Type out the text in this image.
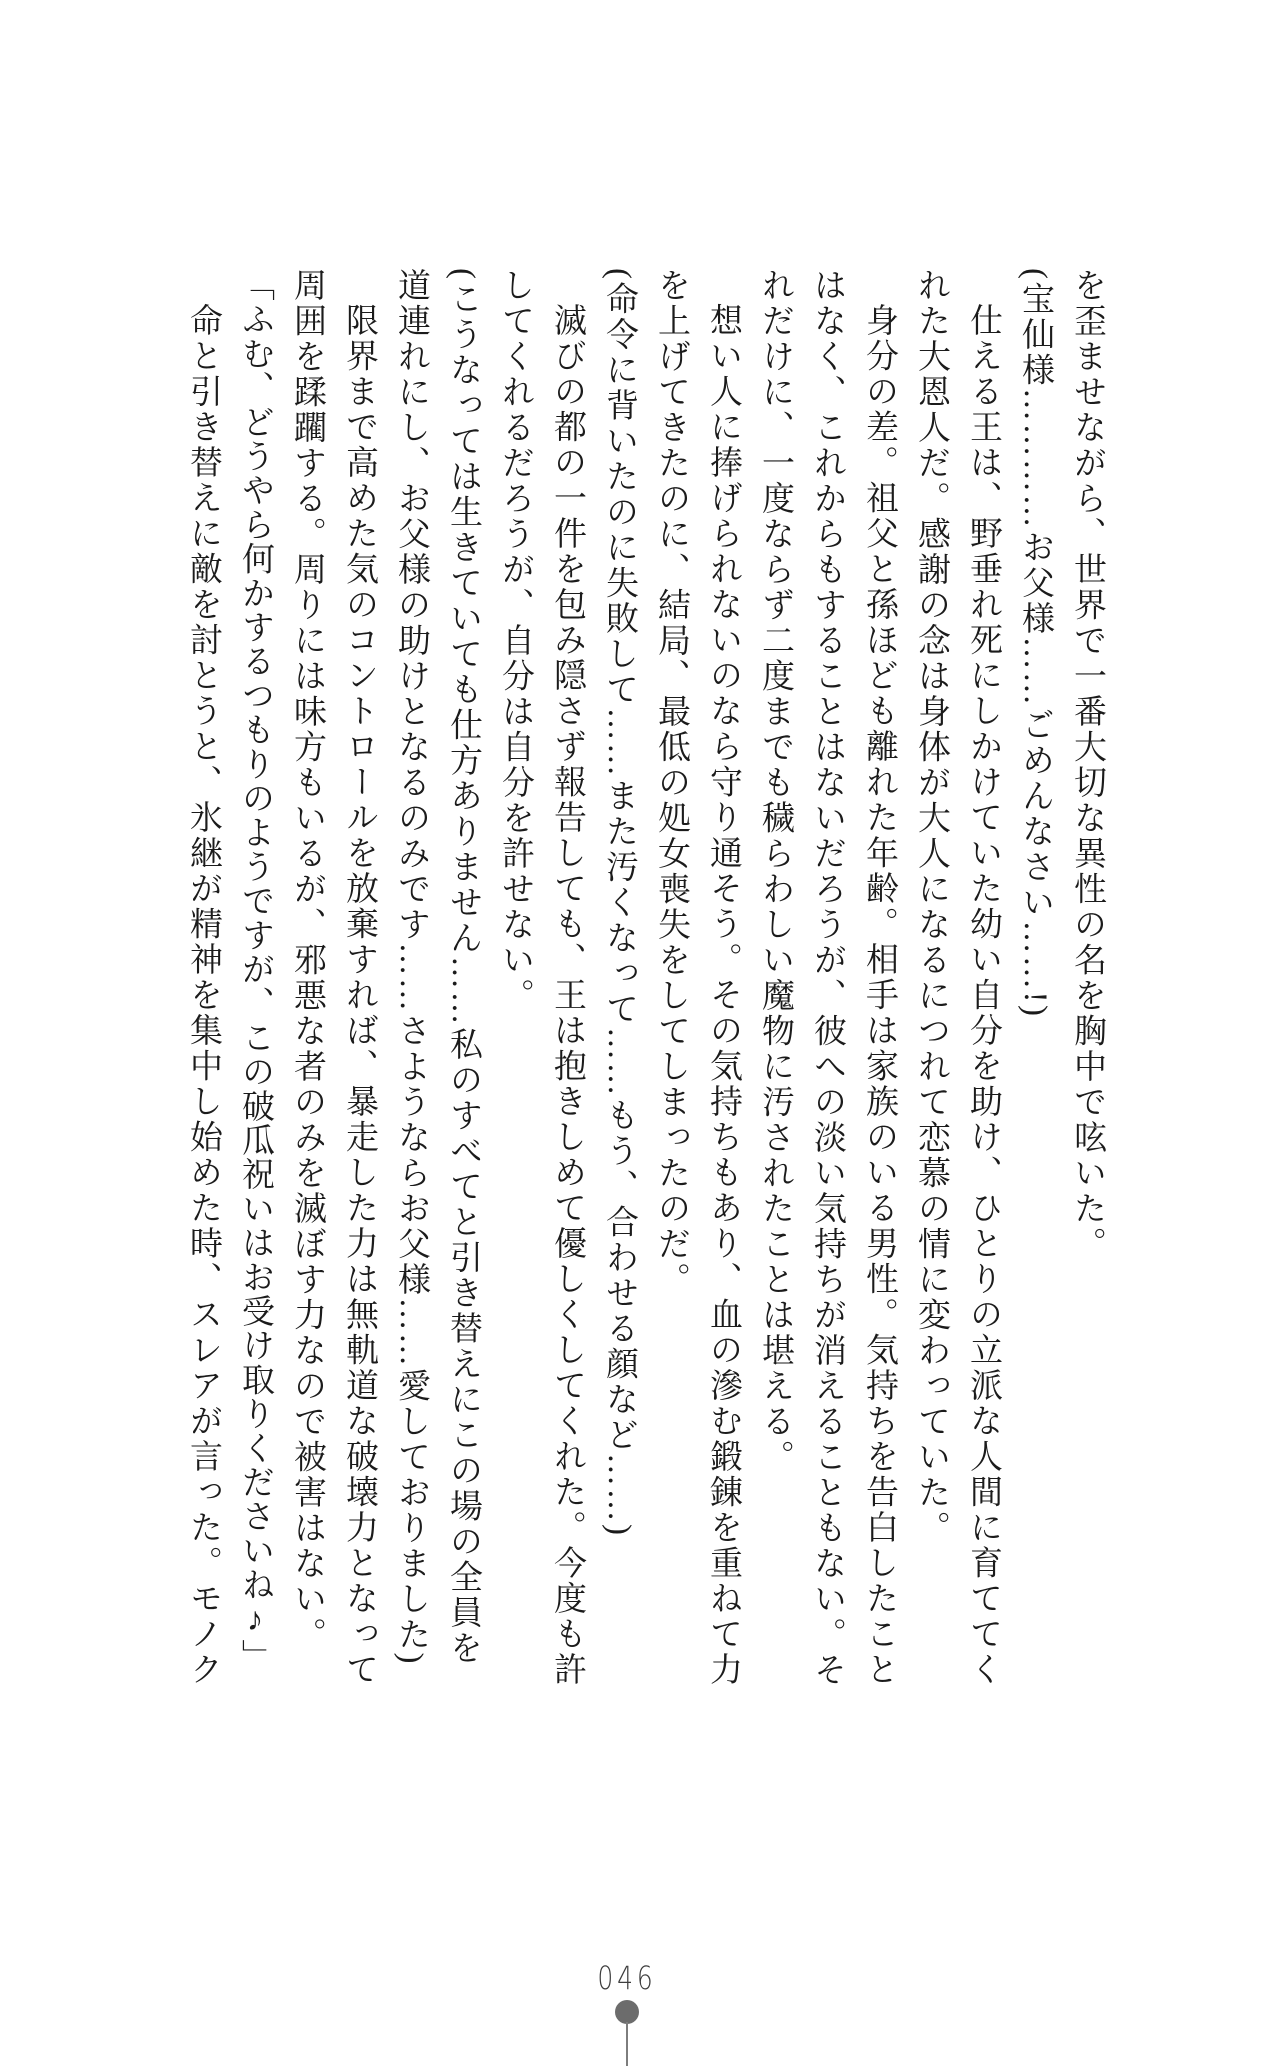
を歪ませながら、世界で一番大切な異性の名を胸中で呟いた。
(宝仙様…………お父様……ごめんなさい……!)
仕える王は、野垂れ死にしかけていた幼い自分を助け、ひとりの立派な人間に育ててく
れた大恩人だ。感謝の念は身体が大人になるにつれて恋慕の情に変わっていた。
身分の差。祖父と孫ほども離れた年齢。相手は家族のいる男性。気持ちを告白したこと
はなく、これからもすることはないだろうが、彼への淡い気持ちが消えることもない。そ
れだけに、一度ならず二度までも穢らわしい魔物に汚されたことは堪える。
想い人に捧げられないのなら守り通そう。その気持ちもあり、血の滲む鍛錬を重ねて力
を上げてきたのに、結局、最低の処女喪失をしてしまったのだ。
(命令に背いたのに失敗して……また汚くなって……もう、合わせる顔など……)
滅びの都の一件を包み隠さず報告しても、王は抱きしめて優しくしてくれた。今度も許
してくれるだろうが、自分は自分を許せない。
(こうなっては生きていても仕方ありません……私のすべてと引き替えにこの場の全員を
道連れにし、お父様の助けとなるのみです……さようならお父様……愛しておりました)
限界まで高めた気のコントロールを放棄すれば、暴走した力は無軌道な破壊力となって
周囲を蹂躙する。周りには味方もいるが、邪悪な者のみを滅ぼす力なので被害はない。
「ふむ、どうやら何かするつもりのようですが、この破瓜祝いはお受け取りくださいね♪」
命と引き替えに敵を討とうと、氷継が精神を集中し始めた時、スレアが言った。モノク
046
